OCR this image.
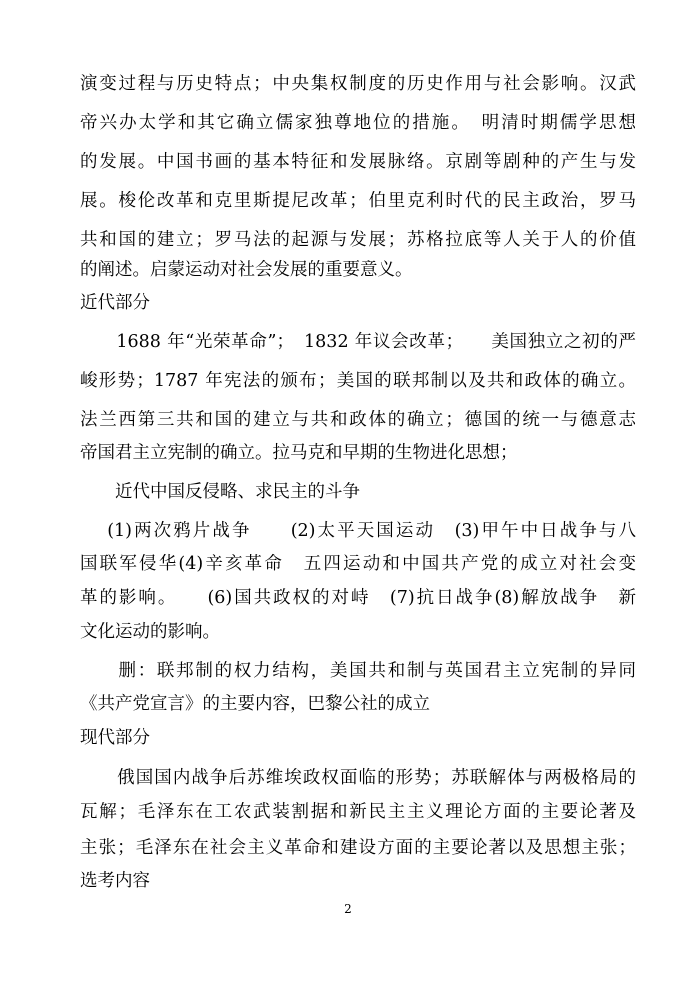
演变过程与历史特点；中央集权制度的历史作用与社会影响。汉武
帝兴办太学和其它确立儒家独尊地位的措施。　明清时期儒学思想
的发展。中国书画的基本特征和发展脉络。京剧等剧种的产生与发
展。梭伦改革和克里斯提尼改革；伯里克利时代的民主政治，罗马
共和国的建立；罗马法的起源与发展；苏格拉底等人关于人的价值
的阐述。启蒙运动对社会发展的重要意义。
近代部分
　　1688 年“光荣革命”；　1832 年议会改革；　　美国独立之初的严
峻形势；1787 年宪法的颁布；美国的联邦制以及共和政体的确立。
法兰西第三共和国的建立与共和政体的确立；德国的统一与德意志
帝国君主立宪制的确立。拉马克和早期的生物进化思想；
　　近代中国反侵略、求民主的斗争
　 (1)两次鸦片战争　　(2)太平天国运动　(3)甲午中日战争与八
国联军侵华(4)辛亥革命　五四运动和中国共产党的成立对社会变
革的影响。　　(6)国共政权的对峙　(7)抗日战争(8)解放战争　新
文化运动的影响。
　　删：联邦制的权力结构，美国共和制与英国君主立宪制的异同
《共产党宣言》的主要内容，巴黎公社的成立
现代部分
　　俄国国内战争后苏维埃政权面临的形势；苏联解体与两极格局的
瓦解；毛泽东在工农武装割据和新民主主义理论方面的主要论著及
主张；毛泽东在社会主义革命和建设方面的主要论著以及思想主张；
选考内容
2
